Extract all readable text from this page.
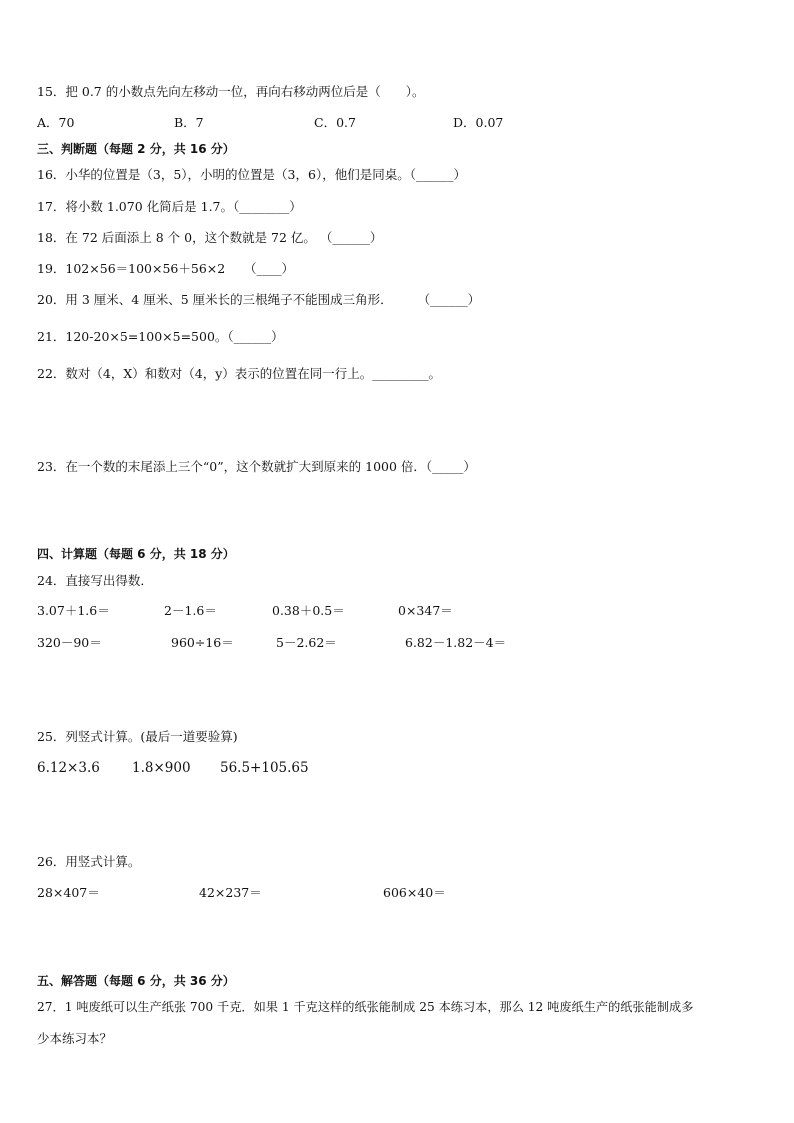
15．把 0.7 的小数点先向左移动一位，再向右移动两位后是（　　）。
A．70	B．7	C．0.7	D．0.07
三、判断题（每题 2 分，共 16 分）
16．小华的位置是（3，5），小明的位置是（3，6），他们是同桌。（______）
17．将小数 1.070 化简后是 1.7。（________）
18．在 72 后面添上 8 个 0，这个数就是 72 亿。 （______）
19．102×56＝100×56＋56×2　　（____）
20．用 3 厘米、4 厘米、5 厘米长的三根绳子不能围成三角形．　　　（______）
21．120-20×5=100×5=500。（______）
22．数对（4，X）和数对（4，y）表示的位置在同一行上。_________。
23．在一个数的末尾添上三个“0”，这个数就扩大到原来的 1000 倍．（_____）
四、计算题（每题 6 分，共 18 分）
24．直接写出得数．
3.07＋1.6＝	2－1.6＝	0.38＋0.5＝	0×347＝
320－90＝	960÷16＝	5－2.62＝	6.82－1.82－4＝
25．列竖式计算。(最后一道要验算)
6.12×3.6 1.8×900 56.5+105.65
26．用竖式计算。
28×407＝	42×237＝	606×40＝
五、解答题（每题 6 分，共 36 分）
27．1 吨废纸可以生产纸张 700 千克．如果 1 千克这样的纸张能制成 25 本练习本，那么 12 吨废纸生产的纸张能制成多
少本练习本？
